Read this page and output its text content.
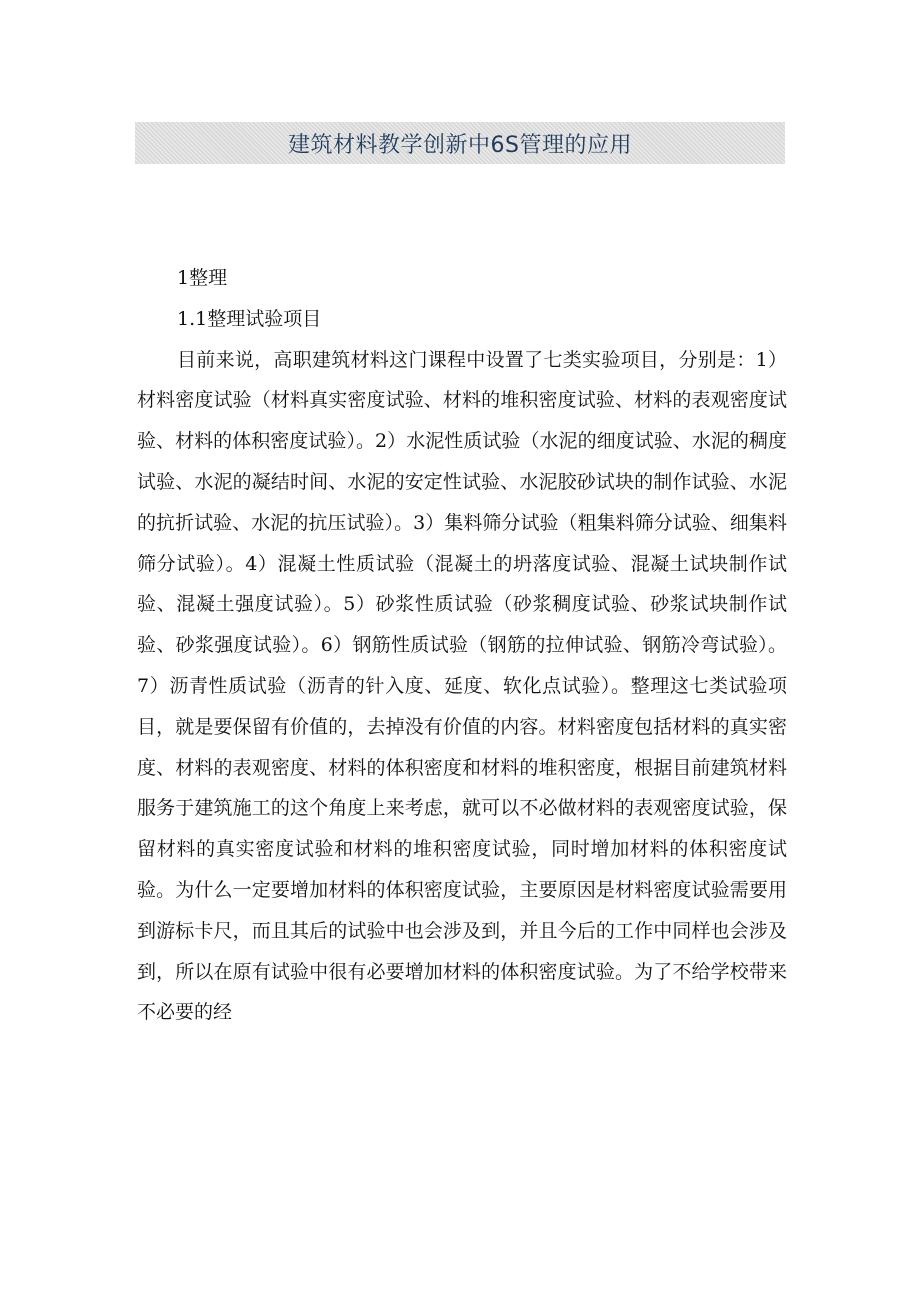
建筑材料教学创新中6S管理的应用

1整理

1.1整理试验项目

目前来说，高职建筑材料这门课程中设置了七类实验项目，分别是：1）材料密度试验（材料真实密度试验、材料的堆积密度试验、材料的表观密度试验、材料的体积密度试验）。2）水泥性质试验（水泥的细度试验、水泥的稠度试验、水泥的凝结时间、水泥的安定性试验、水泥胶砂试块的制作试验、水泥的抗折试验、水泥的抗压试验）。3）集料筛分试验（粗集料筛分试验、细集料筛分试验）。4）混凝土性质试验（混凝土的坍落度试验、混凝土试块制作试验、混凝土强度试验）。5）砂浆性质试验（砂浆稠度试验、砂浆试块制作试验、砂浆强度试验）。6）钢筋性质试验（钢筋的拉伸试验、钢筋冷弯试验）。7）沥青性质试验（沥青的针入度、延度、软化点试验）。整理这七类试验项目，就是要保留有价值的，去掉没有价值的内容。材料密度包括材料的真实密度、材料的表观密度、材料的体积密度和材料的堆积密度，根据目前建筑材料服务于建筑施工的这个角度上来考虑，就可以不必做材料的表观密度试验，保留材料的真实密度试验和材料的堆积密度试验，同时增加材料的体积密度试验。为什么一定要增加材料的体积密度试验，主要原因是材料密度试验需要用到游标卡尺，而且其后的试验中也会涉及到，并且今后的工作中同样也会涉及到，所以在原有试验中很有必要增加材料的体积密度试验。为了不给学校带来不必要的经
